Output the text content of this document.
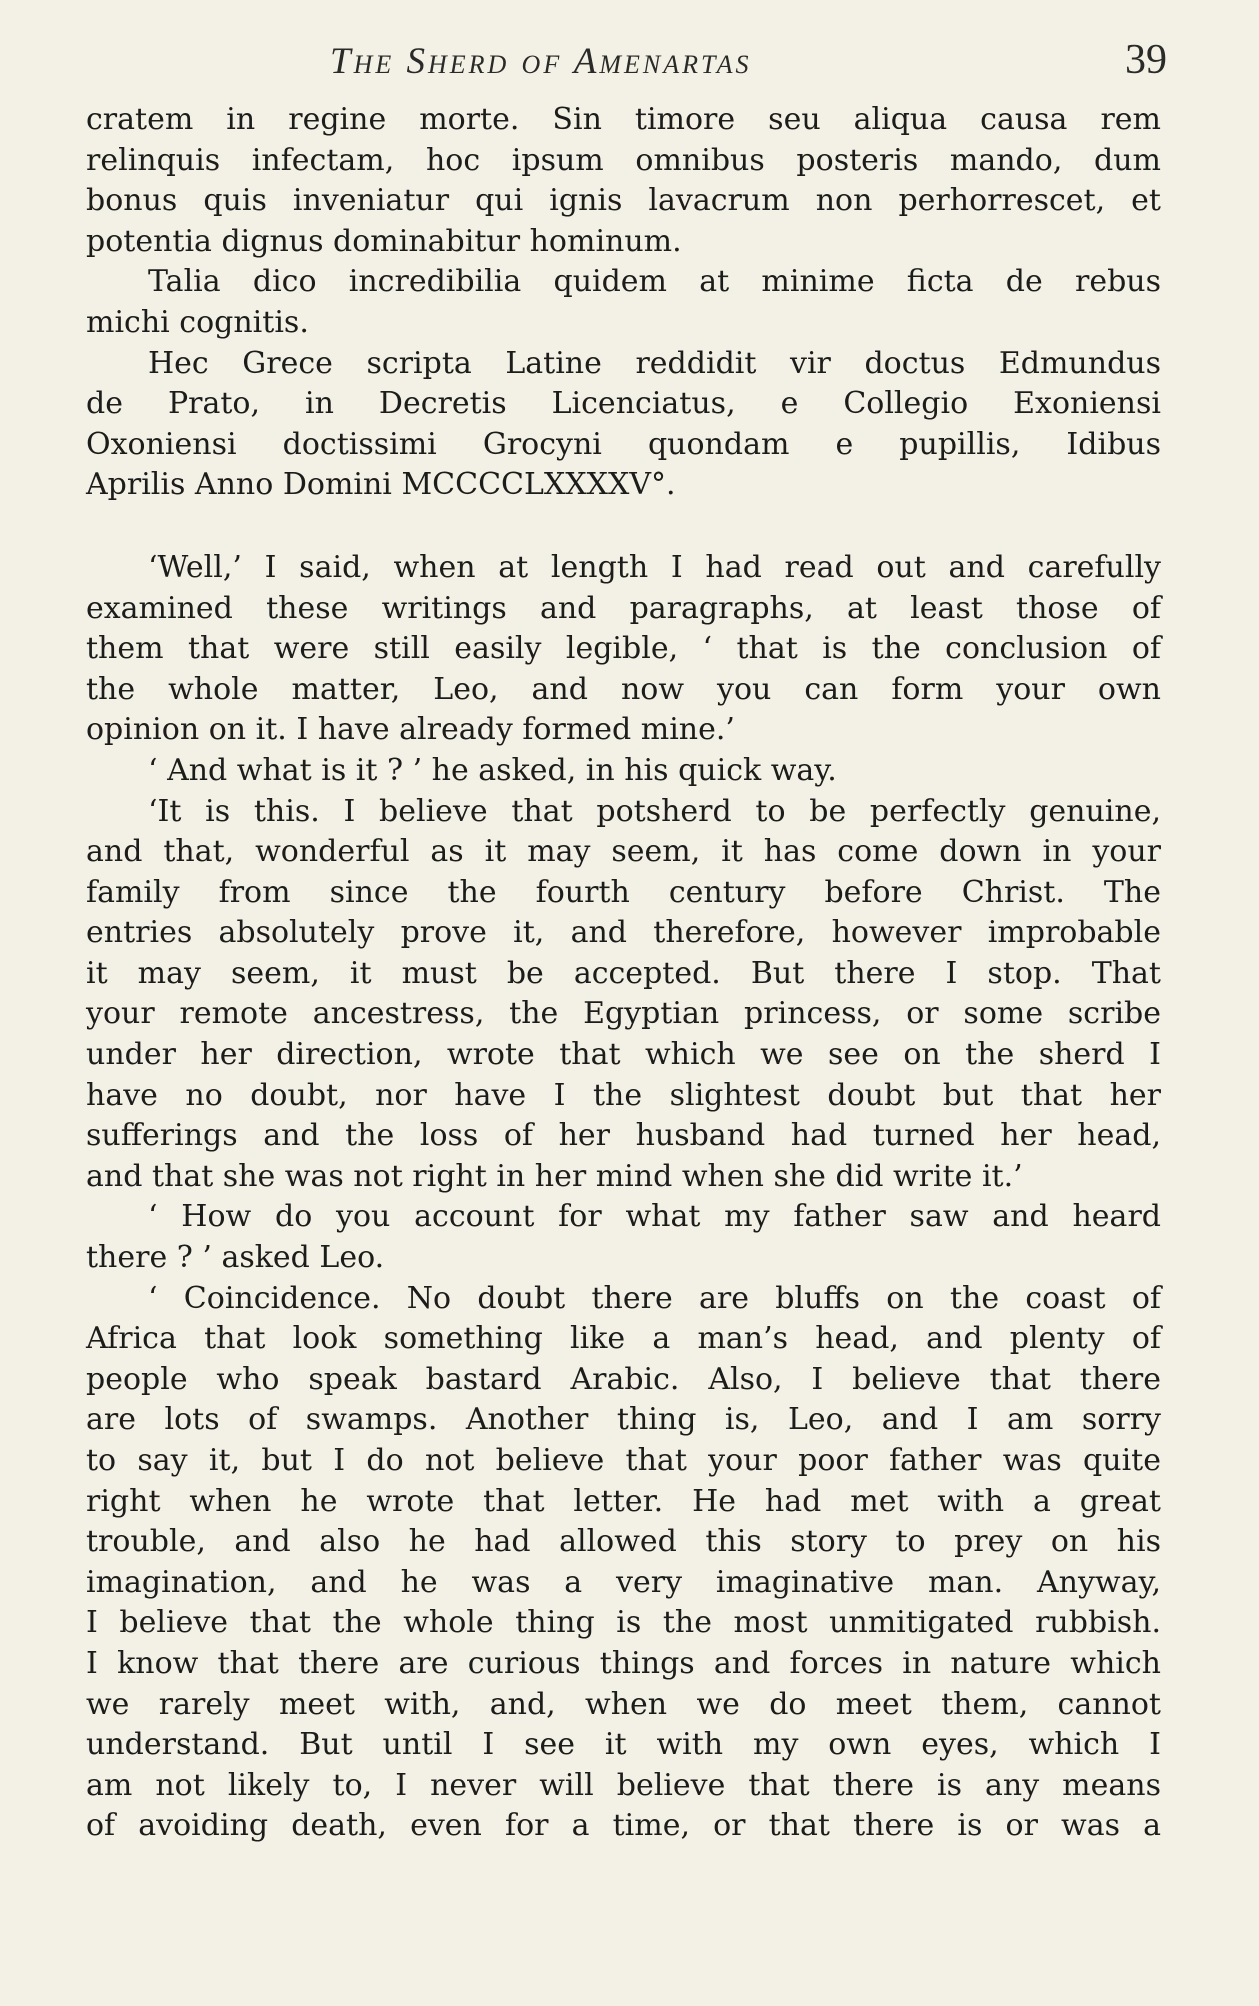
The Sherd of Amenartas	39
cratem in regine morte. Sin timore seu aliqua causa rem
relinquis infectam, hoc ipsum omnibus posteris mando, dum
bonus quis inveniatur qui ignis lavacrum non perhorrescet, et
potentia dignus dominabitur hominum.
Talia dico incredibilia quidem at minime ficta de rebus
michi cognitis.
Hec Grece scripta Latine reddidit vir doctus Edmundus
de Prato, in Decretis Licenciatus, e Collegio Exoniensi
Oxoniensi doctissimi Grocyni quondam e pupillis, Idibus
Aprilis Anno Domini MCCCCLXXXXV°.
‘Well,’ I said, when at length I had read out and carefully
examined these writings and paragraphs, at least those of
them that were still easily legible, ‘ that is the conclusion of
the whole matter, Leo, and now you can form your own
opinion on it. I have already formed mine.’
‘ And what is it ? ’ he asked, in his quick way.
‘It is this. I believe that potsherd to be perfectly genuine,
and that, wonderful as it may seem, it has come down in your
family from since the fourth century before Christ. The
entries absolutely prove it, and therefore, however improbable
it may seem, it must be accepted. But there I stop. That
your remote ancestress, the Egyptian princess, or some scribe
under her direction, wrote that which we see on the sherd I
have no doubt, nor have I the slightest doubt but that her
sufferings and the loss of her husband had turned her head,
and that she was not right in her mind when she did write it.’
‘ How do you account for what my father saw and heard
there ? ’ asked Leo.
‘ Coincidence. No doubt there are bluffs on the coast of
Africa that look something like a man’s head, and plenty of
people who speak bastard Arabic. Also, I believe that there
are lots of swamps. Another thing is, Leo, and I am sorry
to say it, but I do not believe that your poor father was quite
right when he wrote that letter. He had met with a great
trouble, and also he had allowed this story to prey on his
imagination, and he was a very imaginative man. Anyway,
I believe that the whole thing is the most unmitigated rubbish.
I know that there are curious things and forces in nature which
we rarely meet with, and, when we do meet them, cannot
understand. But until I see it with my own eyes, which I
am not likely to, I never will believe that there is any means
of avoiding death, even for a time, or that there is or was a
